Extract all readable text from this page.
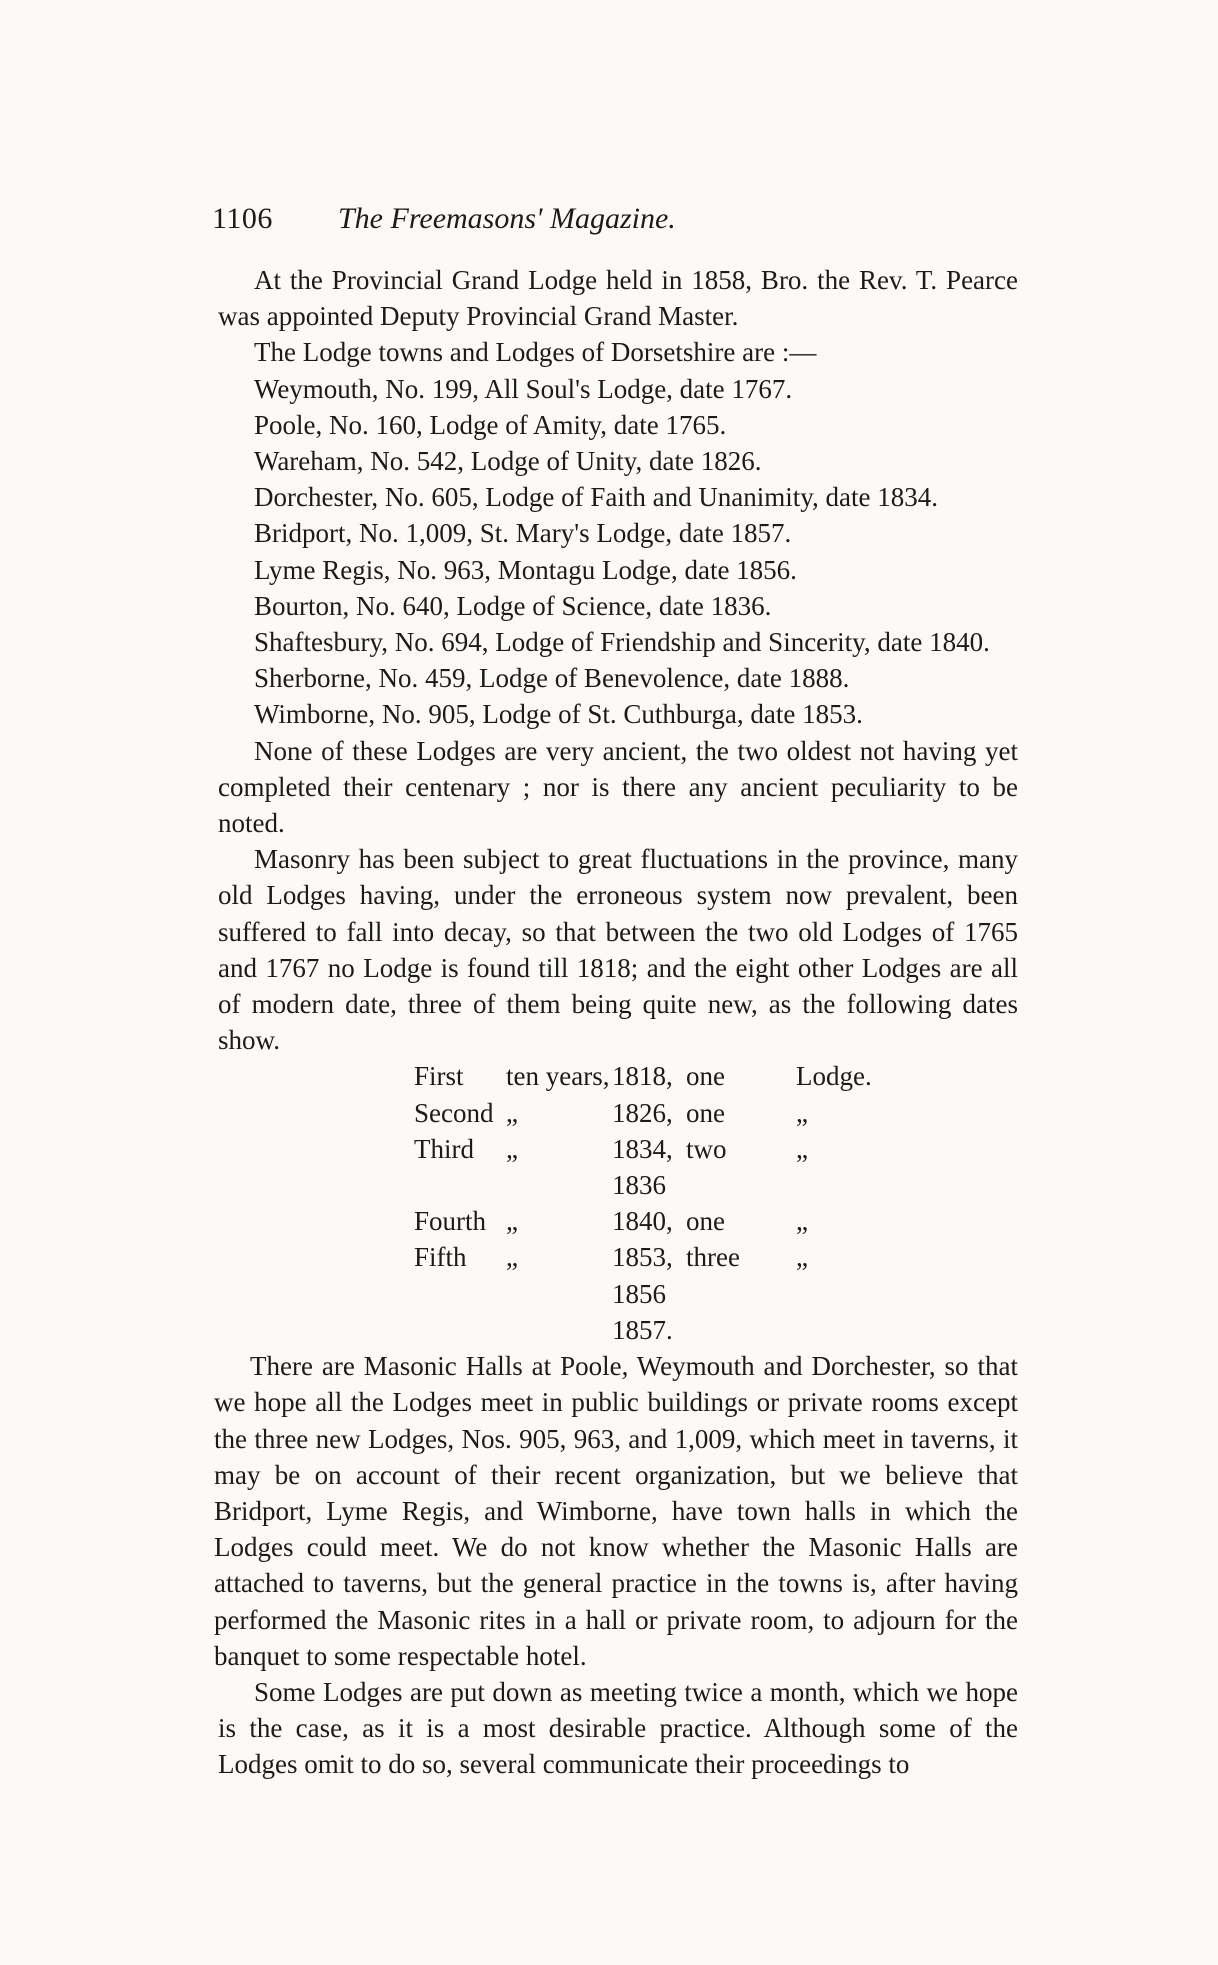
1106 The Freemasons' Magazine.

At the Provincial Grand Lodge held in 1858, Bro. the Rev. T. Pearce was appointed Deputy Provincial Grand Master.

The Lodge towns and Lodges of Dorsetshire are :—

Weymouth, No. 199, All Soul's Lodge, date 1767.
Poole, No. 160, Lodge of Amity, date 1765.
Wareham, No. 542, Lodge of Unity, date 1826.
Dorchester, No. 605, Lodge of Faith and Unanimity, date 1834.
Bridport, No. 1,009, St. Mary's Lodge, date 1857.
Lyme Regis, No. 963, Montagu Lodge, date 1856.
Bourton, No. 640, Lodge of Science, date 1836.
Shaftesbury, No. 694, Lodge of Friendship and Sincerity, date 1840.
Sherborne, No. 459, Lodge of Benevolence, date 1888.
Wimborne, No. 905, Lodge of St. Cuthburga, date 1853.

None of these Lodges are very ancient, the two oldest not having yet completed their centenary ; nor is there any ancient peculiarity to be noted.

Masonry has been subject to great fluctuations in the province, many old Lodges having, under the erroneous system now prevalent, been suffered to fall into decay, so that between the two old Lodges of 1765 and 1767 no Lodge is found till 1818; and the eight other Lodges are all of modern date, three of them being quite new, as the following dates show.

First	ten years,	1818,	one	Lodge.
Second	„	1826,	one	„
Third	„	1834,	two	„
		1836		
Fourth	„	1840,	one	„
Fifth	„	1853,	three	„
		1856		
		1857.		

There are Masonic Halls at Poole, Weymouth and Dorchester, so that we hope all the Lodges meet in public buildings or private rooms except the three new Lodges, Nos. 905, 963, and 1,009, which meet in taverns, it may be on account of their recent organization, but we believe that Bridport, Lyme Regis, and Wimborne, have town halls in which the Lodges could meet. We do not know whether the Masonic Halls are attached to taverns, but the general practice in the towns is, after having performed the Masonic rites in a hall or private room, to adjourn for the banquet to some respectable hotel.

Some Lodges are put down as meeting twice a month, which we hope is the case, as it is a most desirable practice. Although some of the Lodges omit to do so, several communicate their proceedings to
